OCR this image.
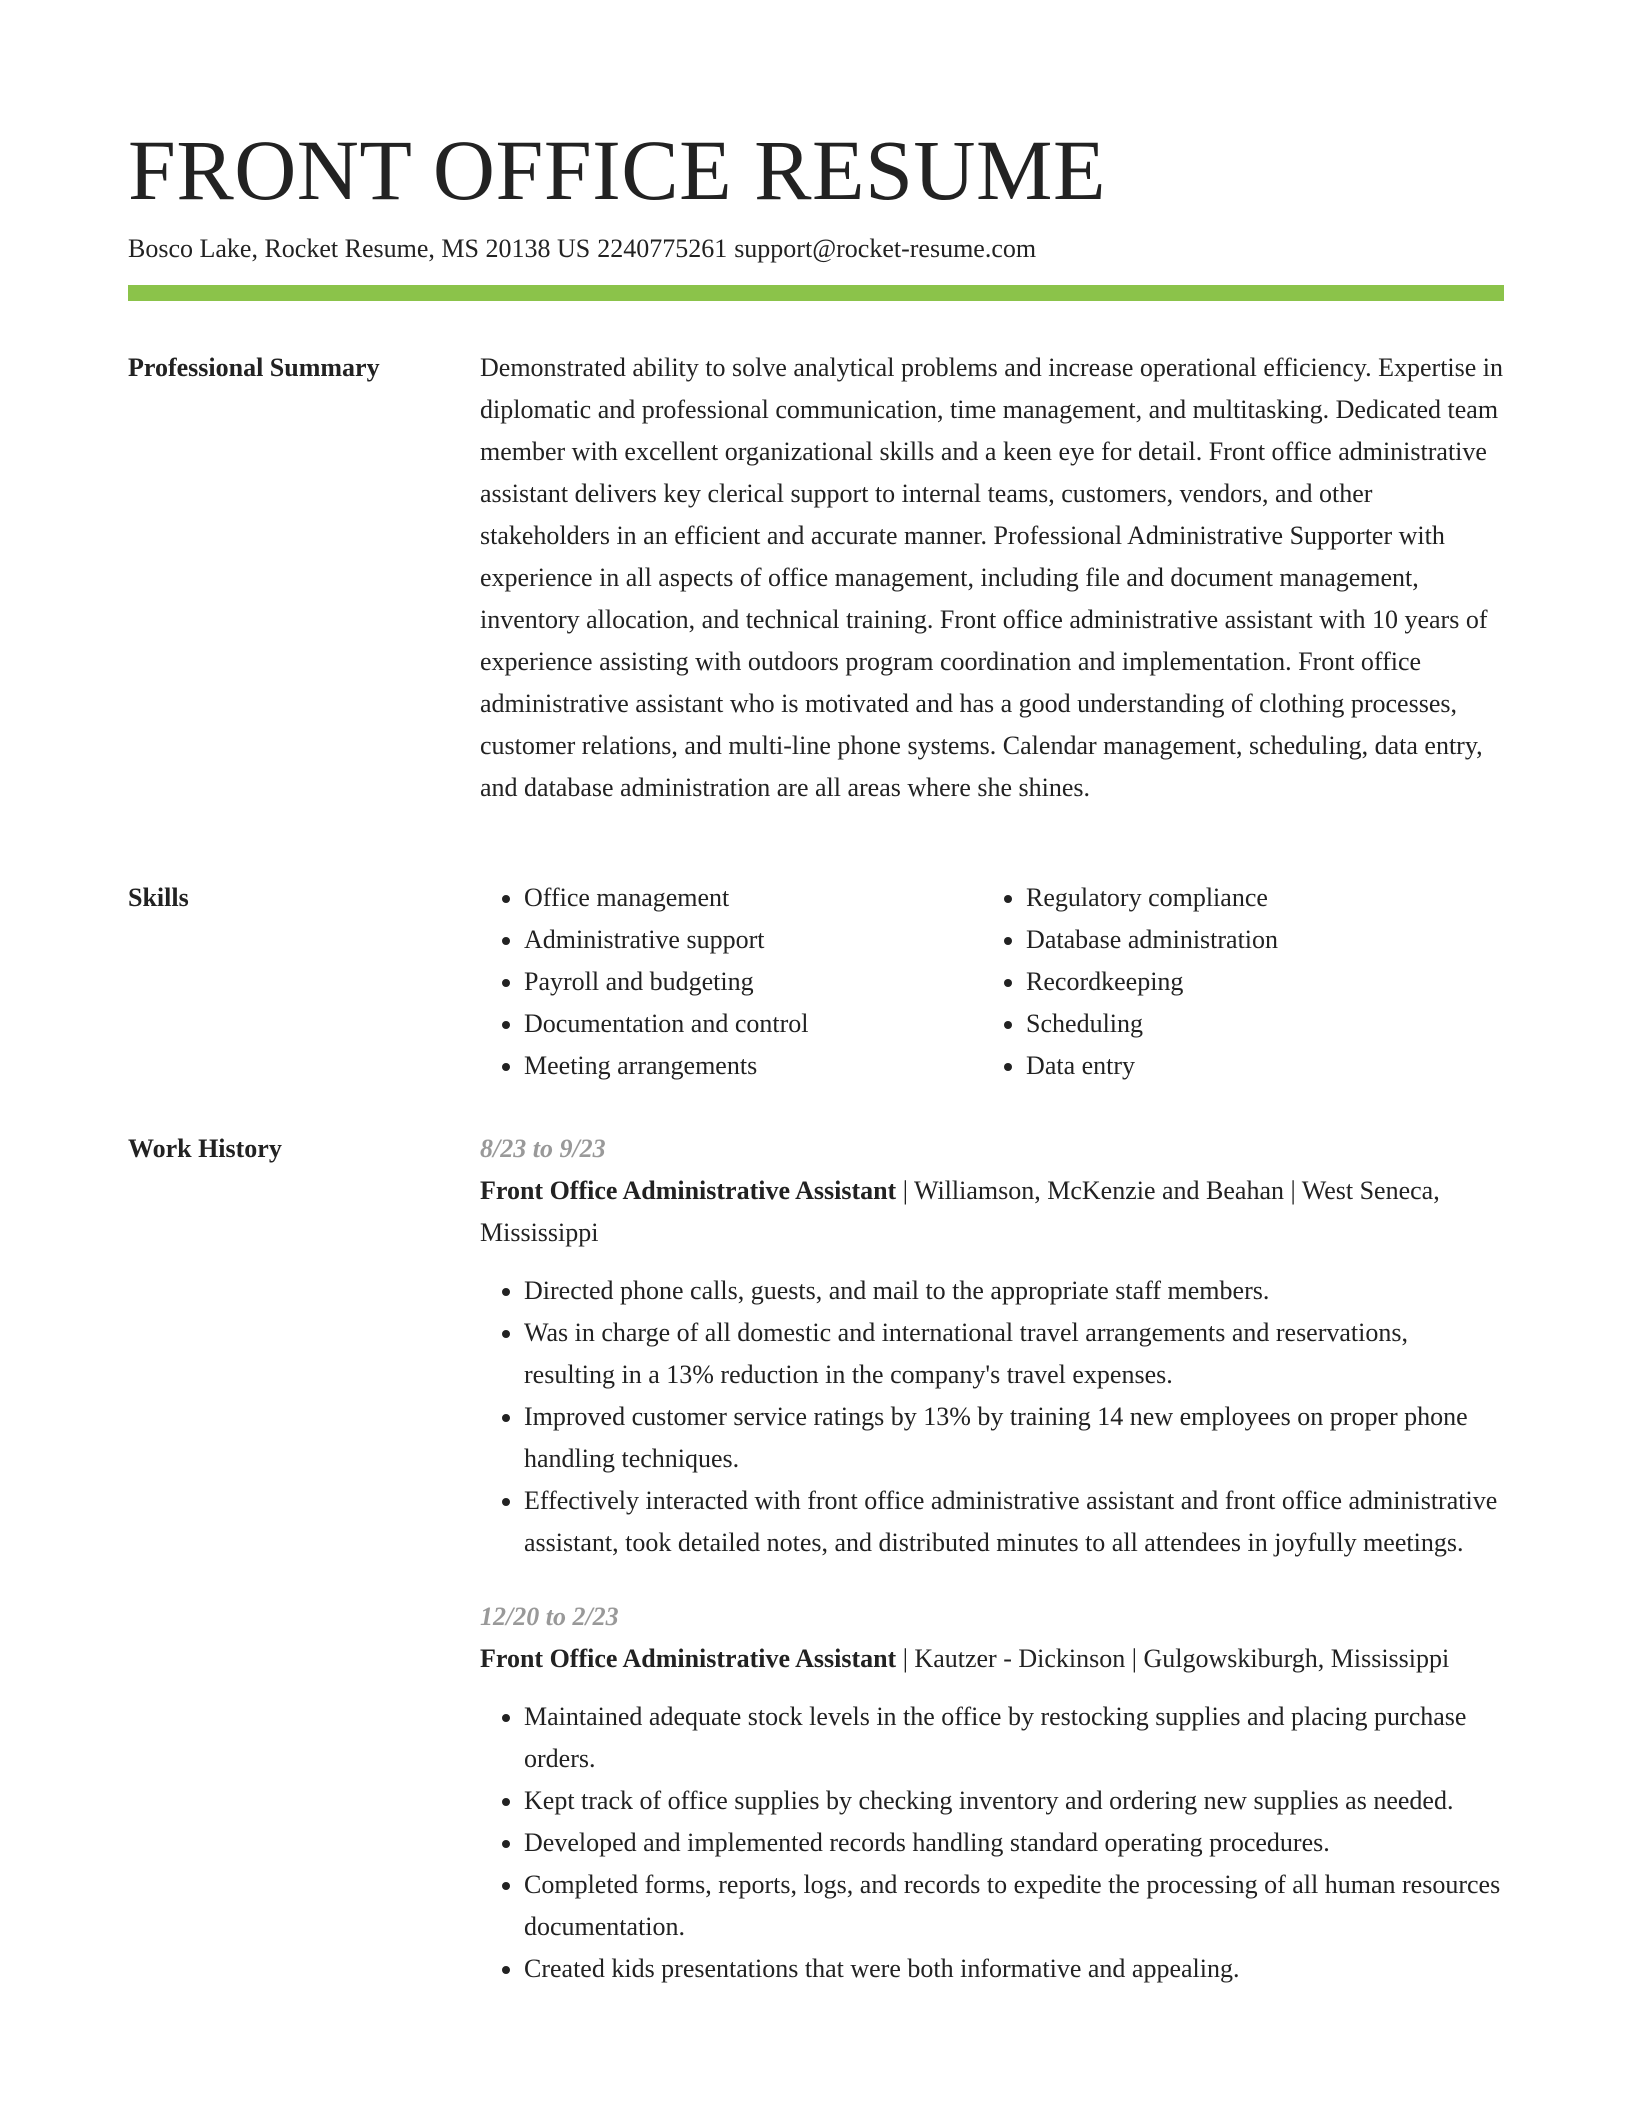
FRONT OFFICE RESUME
Bosco Lake, Rocket Resume, MS 20138 US 2240775261 support@rocket-resume.com
Professional Summary	Demonstrated ability to solve analytical problems and increase operational efficiency. Expertise in diplomatic and professional communication, time management, and multitasking. Dedicated team member with excellent organizational skills and a keen eye for detail. Front office administrative assistant delivers key clerical support to internal teams, customers, vendors, and other stakeholders in an efficient and accurate manner. Professional Administrative Supporter with experience in all aspects of office management, including file and document management, inventory allocation, and technical training. Front office administrative assistant with 10 years of experience assisting with outdoors program coordination and implementation. Front office administrative assistant who is motivated and has a good understanding of clothing processes, customer relations, and multi-line phone systems. Calendar management, scheduling, data entry, and database administration are all areas where she shines.

Skills
•	Office management
• Administrative support
• Payroll and budgeting
• Documentation and control
• Meeting arrangements
• Regulatory compliance
• Database administration
• Recordkeeping
• Scheduling
• Data entry
Work History	8/23 to 9/23
Front Office Administrative Assistant | Williamson, McKenzie and Beahan | West Seneca, Mississippi
• Directed phone calls, guests, and mail to the appropriate staff members.
• Was in charge of all domestic and international travel arrangements and reservations, resulting in a 13% reduction in the company's travel expenses.
• Improved customer service ratings by 13% by training 14 new employees on proper phone handling techniques.
• Effectively interacted with front office administrative assistant and front office administrative assistant, took detailed notes, and distributed minutes to all attendees in joyfully meetings.
12/20 to 2/23
Front Office Administrative Assistant | Kautzer - Dickinson | Gulgowskiburgh, Mississippi
• Maintained adequate stock levels in the office by restocking supplies and placing purchase orders.
• Kept track of office supplies by checking inventory and ordering new supplies as needed.
• Developed and implemented records handling standard operating procedures.
• Completed forms, reports, logs, and records to expedite the processing of all human resources documentation.
• Created kids presentations that were both informative and appealing.
